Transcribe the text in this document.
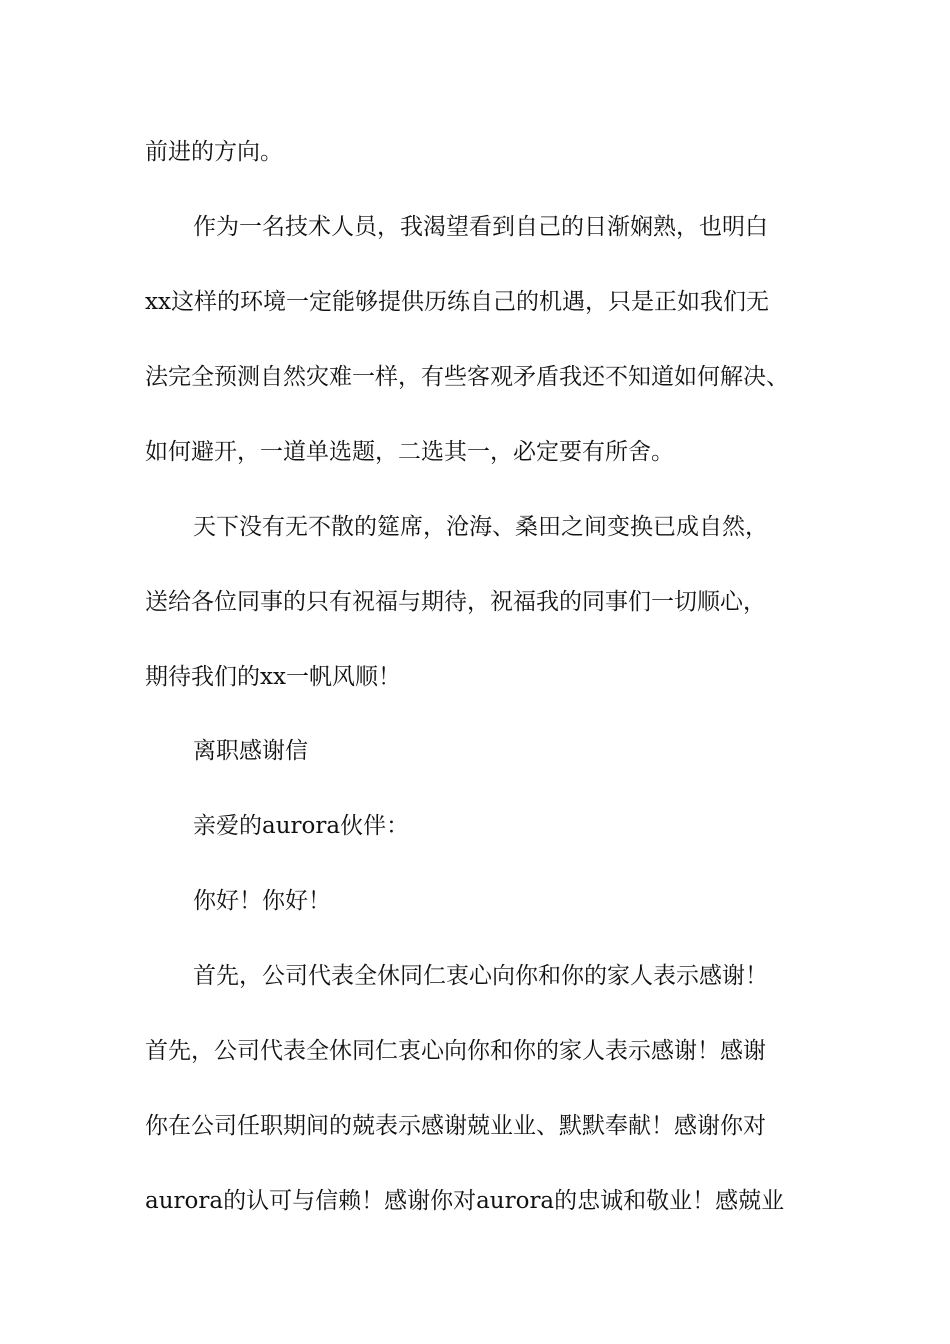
前进的方向。
作为一名技术人员，我渴望看到自己的日渐娴熟，也明白
xx这样的环境一定能够提供历练自己的机遇，只是正如我们无
法完全预测自然灾难一样，有些客观矛盾我还不知道如何解决、
如何避开，一道单选题，二选其一，必定要有所舍。
天下没有无不散的筵席，沧海、桑田之间变换已成自然，
送给各位同事的只有祝福与期待，祝福我的同事们一切顺心，
期待我们的xx一帆风顺！
离职感谢信
亲爱的aurora伙伴：
你好！你好！
首先，公司代表全休同仁衷心向你和你的家人表示感谢！
首先，公司代表全休同仁衷心向你和你的家人表示感谢！感谢
你在公司任职期间的兢表示感谢兢业业、默默奉献！感谢你对
aurora的认可与信赖！感谢你对aurora的忠诚和敬业！感兢业
